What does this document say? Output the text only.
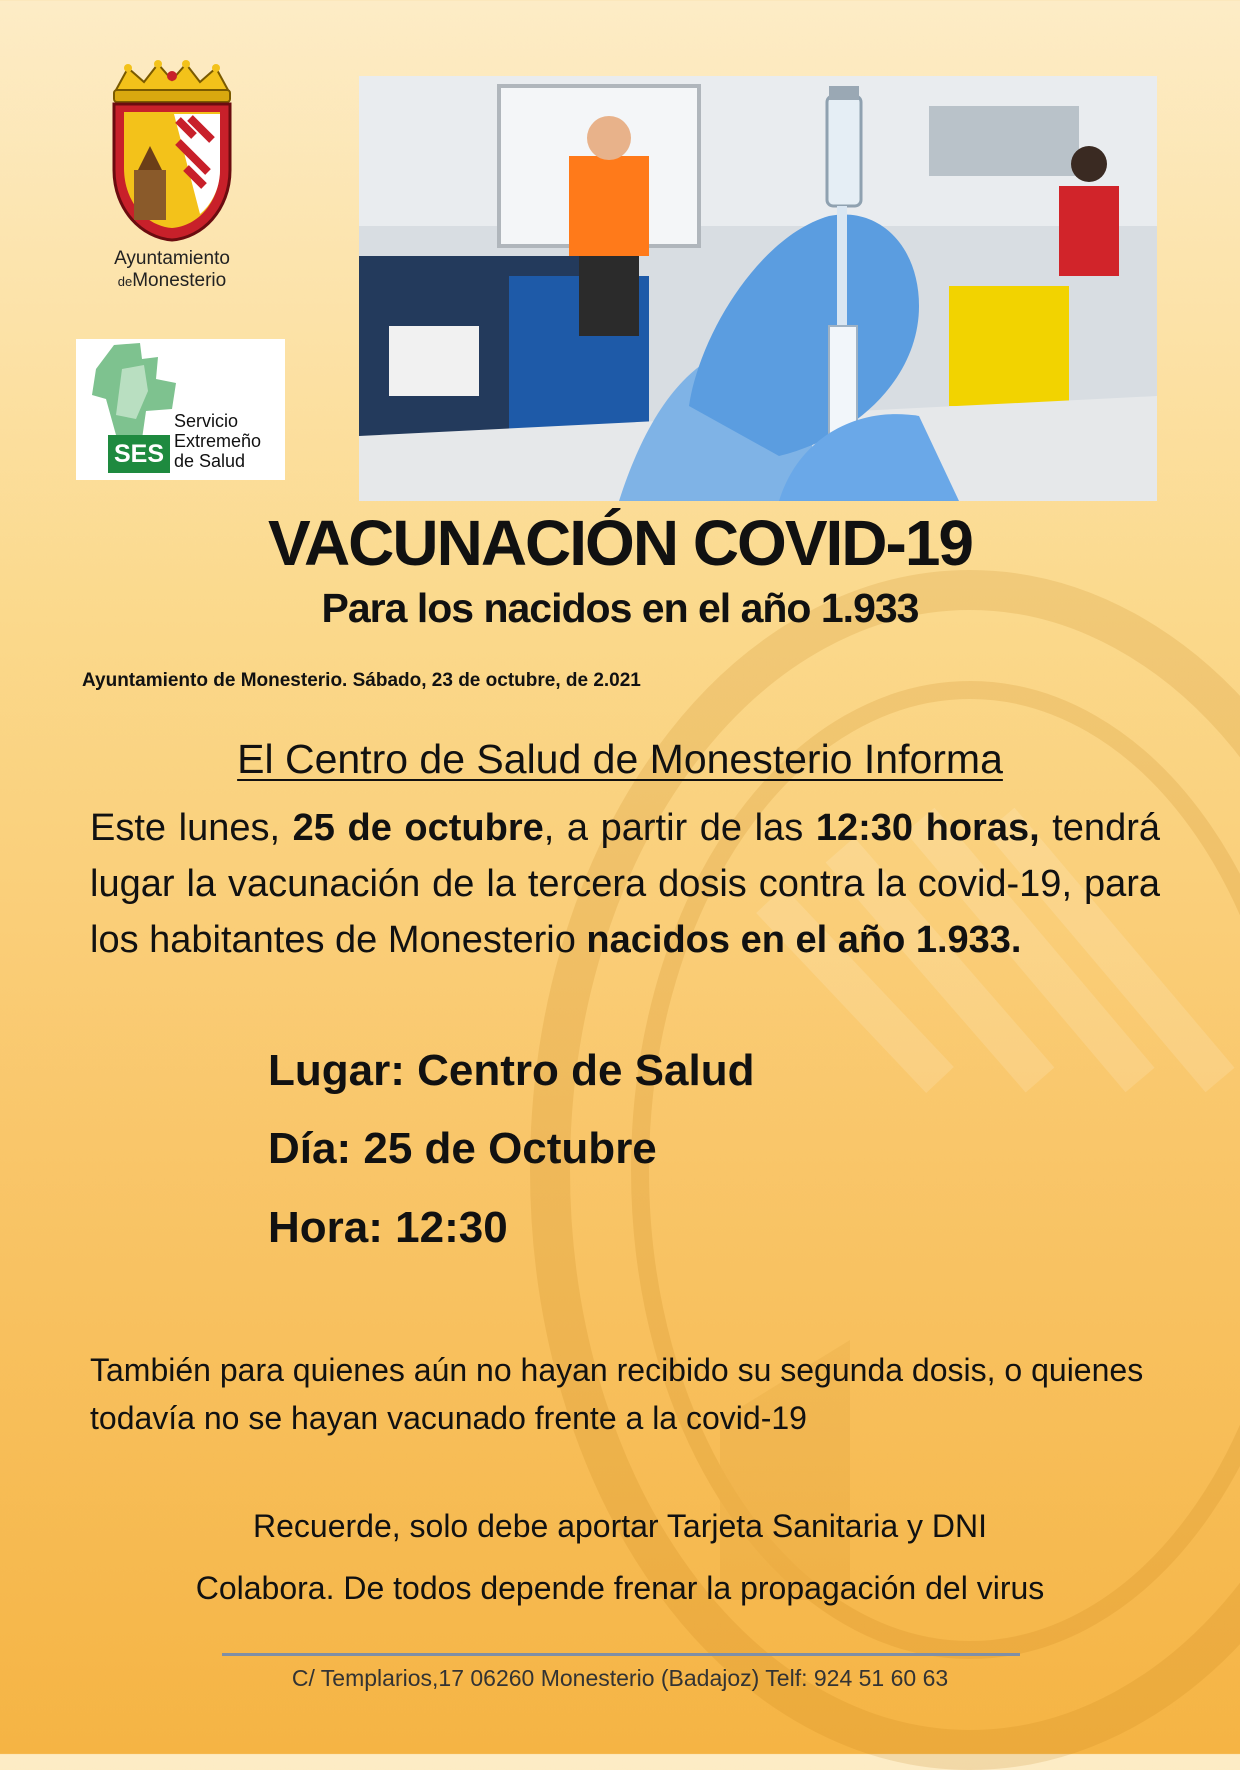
Ayuntamiento
deMonesterio
Servicio
Extremeño
de Salud
SES
VACUNACIÓN COVID-19
Para los nacidos en el año 1.933
Ayuntamiento de Monesterio. Sábado, 23 de octubre, de 2.021
El Centro de Salud de Monesterio Informa
Este lunes, 25 de octubre, a partir de las 12:30 horas, tendrá lugar la vacunación de la tercera dosis contra la covid-19, para los habitantes de Monesterio nacidos en el año 1.933.
Lugar: Centro de Salud
Día: 25 de Octubre
Hora: 12:30
También para quienes aún no hayan recibido su segunda dosis, o quienes todavía no se hayan vacunado frente a la covid-19
Recuerde, solo debe aportar Tarjeta Sanitaria y DNI
Colabora. De todos depende frenar la propagación del virus
C/ Templarios,17 06260 Monesterio (Badajoz) Telf: 924 51 60 63
